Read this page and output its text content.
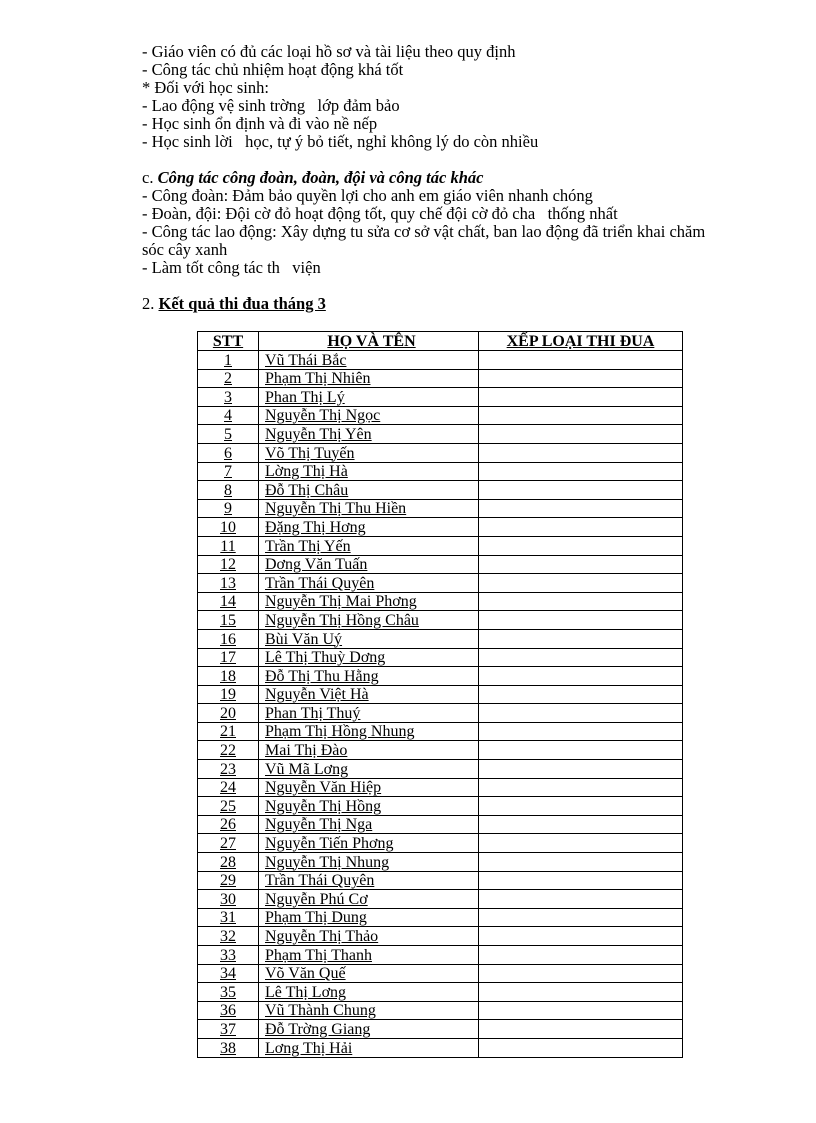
- Giáo viên có đủ các loại hồ sơ và tài liệu theo quy định
- Công tác chủ nhiệm hoạt động khá tốt
* Đối với học sinh:
- Lao động vệ sinh trờng   lớp đảm bảo
- Học sinh ổn định và đi vào nề nếp
- Học sinh lời   học, tự ý bỏ tiết, nghỉ không lý do còn nhiều
c. Công tác công đoàn, đoàn, đội và công tác khác
- Công đoàn: Đảm bảo quyền lợi cho anh em giáo viên nhanh chóng
- Đoàn, đội: Đội cờ đỏ hoạt động tốt, quy chế đội cờ đỏ cha   thống nhất
- Công tác lao động: Xây dựng tu sửa cơ sở vật chất, ban lao động đã triển khai chăm
sóc cây xanh
- Làm tốt công tác th   viện
2. Kết quả thi đua tháng 3
STT	HỌ VÀ TÊN	XẾP LOẠI THI ĐUA
1	Vũ Thái Bắc	
2	Phạm Thị Nhiên	
3	Phan Thị Lý	
4	Nguyễn Thị Ngọc	
5	Nguyễn Thị Yên	
6	Võ Thị Tuyến	
7	Lờng Thị Hà	
8	Đỗ Thị Châu	
9	Nguyễn Thị Thu Hiền	
10	Đặng Thị Hơng	
11	Trần Thị Yến	
12	Dơng Văn Tuấn	
13	Trần Thái Quyên	
14	Nguyễn Thị Mai Phơng	
15	Nguyễn Thị Hồng Châu	
16	Bùi Văn Uý	
17	Lê Thị Thuỳ Dơng	
18	Đỗ Thị Thu Hằng	
19	Nguyễn Việt Hà	
20	Phan Thị Thuý	
21	Phạm Thị Hồng Nhung	
22	Mai Thị Đào	
23	Vũ Mã Lơng	
24	Nguyễn Văn Hiệp	
25	Nguyễn Thị Hồng	
26	Nguyễn Thị Nga	
27	Nguyễn Tiến Phơng	
28	Nguyễn Thị Nhung	
29	Trần Thái Quyên	
30	Nguyễn Phú Cơ	
31	Phạm Thị Dung	
32	Nguyễn Thị Thảo	
33	Phạm Thị Thanh	
34	Võ Văn Quế	
35	Lê Thị Lơng	
36	Vũ Thành Chung	
37	Đỗ Trờng Giang	
38	Lơng Thị Hải	
